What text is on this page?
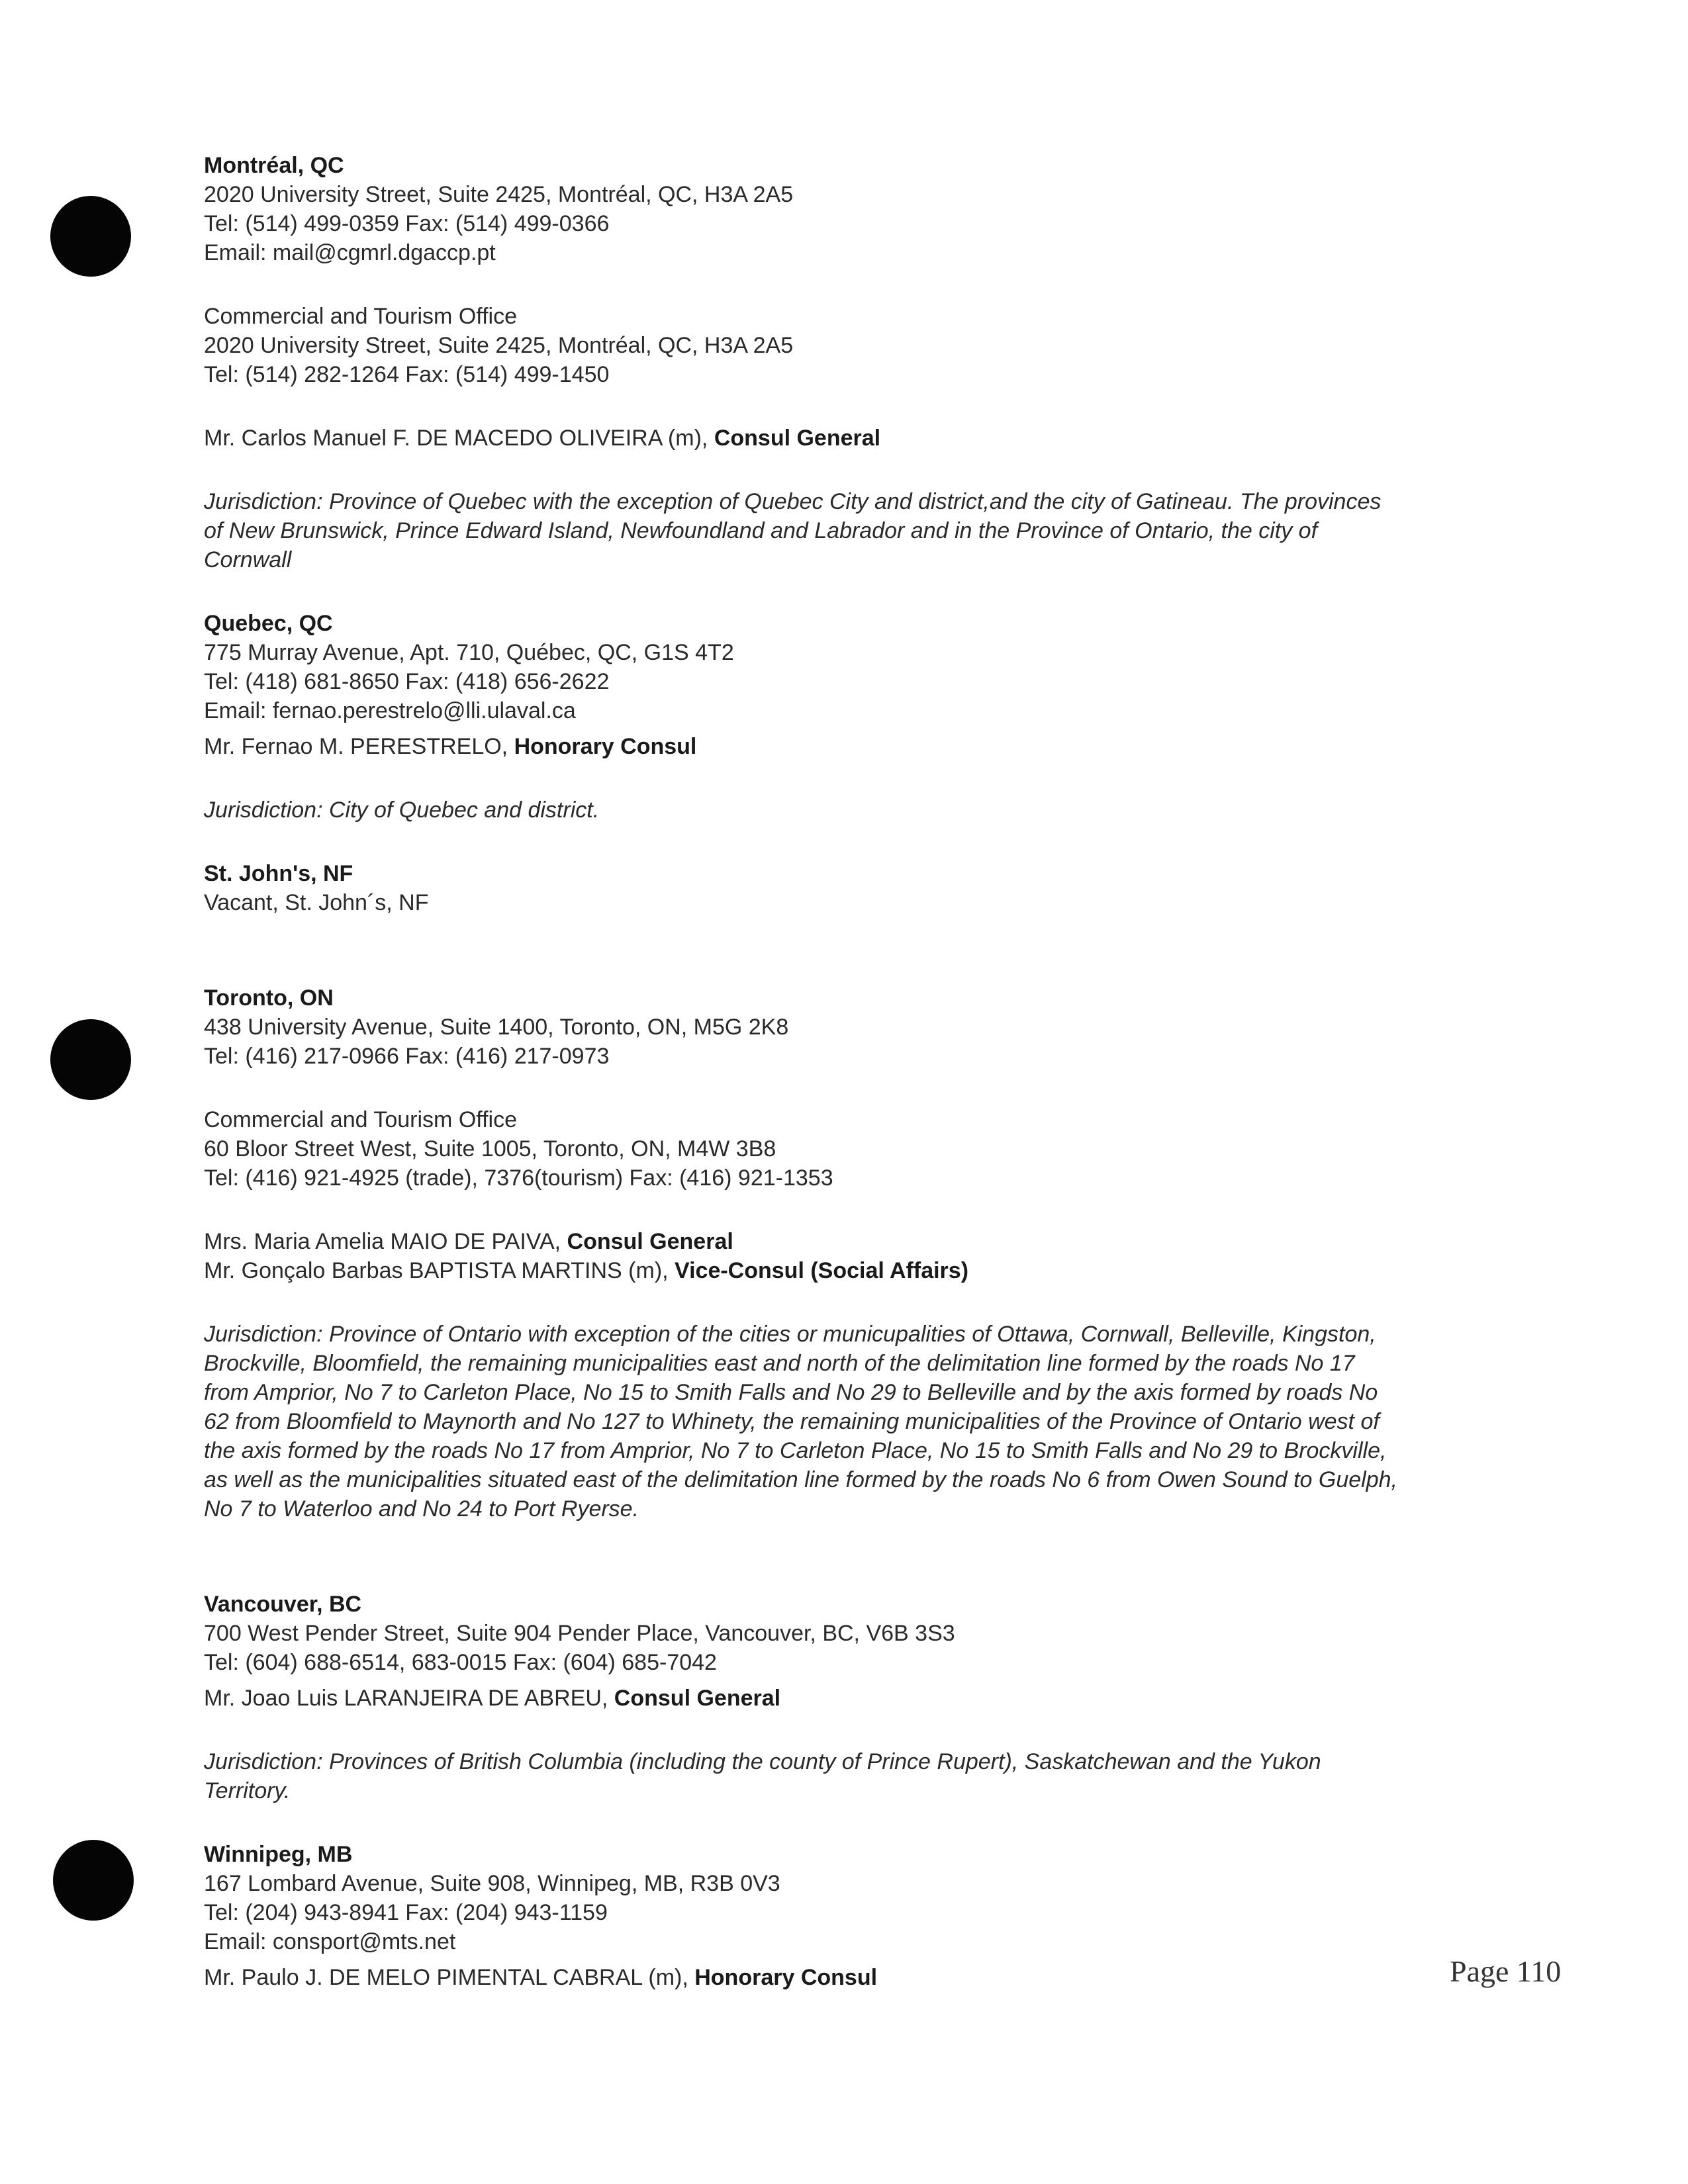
Montréal, QC

2020 University Street, Suite 2425, Montréal, QC, H3A 2A5

Tel: (514) 499-0359 Fax: (514) 499-0366

Email: mail@cgmrl.dgaccp.pt

Commercial and Tourism Office

2020 University Street, Suite 2425, Montréal, QC, H3A 2A5

Tel: (514) 282-1264 Fax: (514) 499-1450

Mr. Carlos Manuel F. DE MACEDO OLIVEIRA (m), Consul General

Jurisdiction: Province of Quebec with the exception of Quebec City and district,and the city of Gatineau. The provinces

of New Brunswick, Prince Edward Island, Newfoundland and Labrador and in the Province of Ontario, the city of

Cornwall

Quebec, QC

775 Murray Avenue, Apt. 710, Québec, QC, G1S 4T2

Tel: (418) 681-8650 Fax: (418) 656-2622

Email: fernao.perestrelo@lli.ulaval.ca

Mr. Fernao M. PERESTRELO, Honorary Consul

Jurisdiction: City of Quebec and district.

St. John's, NF

Vacant, St. John´s, NF

Toronto, ON

438 University Avenue, Suite 1400, Toronto, ON, M5G 2K8

Tel: (416) 217-0966 Fax: (416) 217-0973

Commercial and Tourism Office

60 Bloor Street West, Suite 1005, Toronto, ON, M4W 3B8

Tel: (416) 921-4925 (trade), 7376(tourism) Fax: (416) 921-1353

Mrs. Maria Amelia MAIO DE PAIVA, Consul General

Mr. Gonçalo Barbas BAPTISTA MARTINS (m), Vice-Consul (Social Affairs)

Jurisdiction: Province of Ontario with exception of the cities or municupalities of Ottawa, Cornwall, Belleville, Kingston,

Brockville, Bloomfield, the remaining municipalities east and north of the delimitation line formed by the roads No 17

from Amprior, No 7 to Carleton Place, No 15 to Smith Falls and No 29 to Belleville and by the axis formed by roads No

62 from Bloomfield to Maynorth and No 127 to Whinety, the remaining municipalities of the Province of Ontario west of

the axis formed by the roads No 17 from Amprior, No 7 to Carleton Place, No 15 to Smith Falls and No 29 to Brockville,

as well as the municipalities situated east of the delimitation line formed by the roads No 6 from Owen Sound to Guelph,

No 7 to Waterloo and No 24 to Port Ryerse.

Vancouver, BC

700 West Pender Street, Suite 904 Pender Place, Vancouver, BC, V6B 3S3

Tel: (604) 688-6514, 683-0015 Fax: (604) 685-7042

Mr. Joao Luis LARANJEIRA DE ABREU, Consul General

Jurisdiction: Provinces of British Columbia (including the county of Prince Rupert), Saskatchewan and the Yukon

Territory.

Winnipeg, MB

167 Lombard Avenue, Suite 908, Winnipeg, MB, R3B 0V3

Tel: (204) 943-8941 Fax: (204) 943-1159

Email: consport@mts.net

Mr. Paulo J. DE MELO PIMENTAL CABRAL (m), Honorary Consul	Page 110
